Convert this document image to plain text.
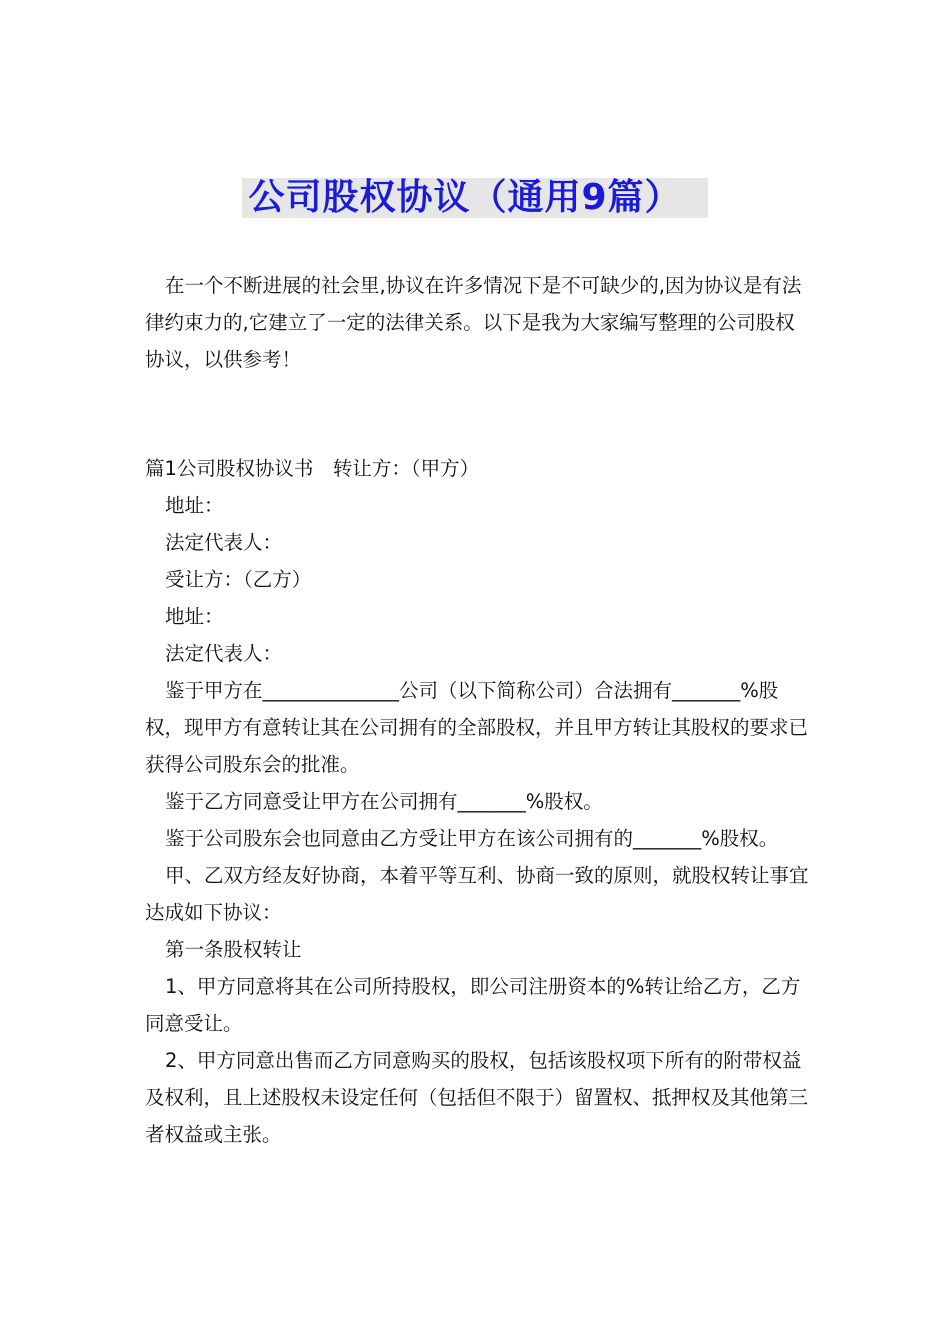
公司股权协议（通用9篇）

在一个不断进展的社会里,协议在许多情况下是不可缺少的,因为协议是有法律约束力的,它建立了一定的法律关系。以下是我为大家编写整理的公司股权协议，以供参考！

篇1公司股权协议书　转让方：（甲方）

地址：

法定代表人：

受让方：（乙方）

地址：

法定代表人：

鉴于甲方在______________公司（以下简称公司）合法拥有_______%股权，现甲方有意转让其在公司拥有的全部股权，并且甲方转让其股权的要求已获得公司股东会的批准。

鉴于乙方同意受让甲方在公司拥有_______%股权。

鉴于公司股东会也同意由乙方受让甲方在该公司拥有的_______%股权。

甲、乙双方经友好协商，本着平等互利、协商一致的原则，就股权转让事宜达成如下协议：

第一条股权转让

1、甲方同意将其在公司所持股权，即公司注册资本的%转让给乙方，乙方同意受让。

2、甲方同意出售而乙方同意购买的股权，包括该股权项下所有的附带权益及权利，且上述股权未设定任何（包括但不限于）留置权、抵押权及其他第三者权益或主张。
